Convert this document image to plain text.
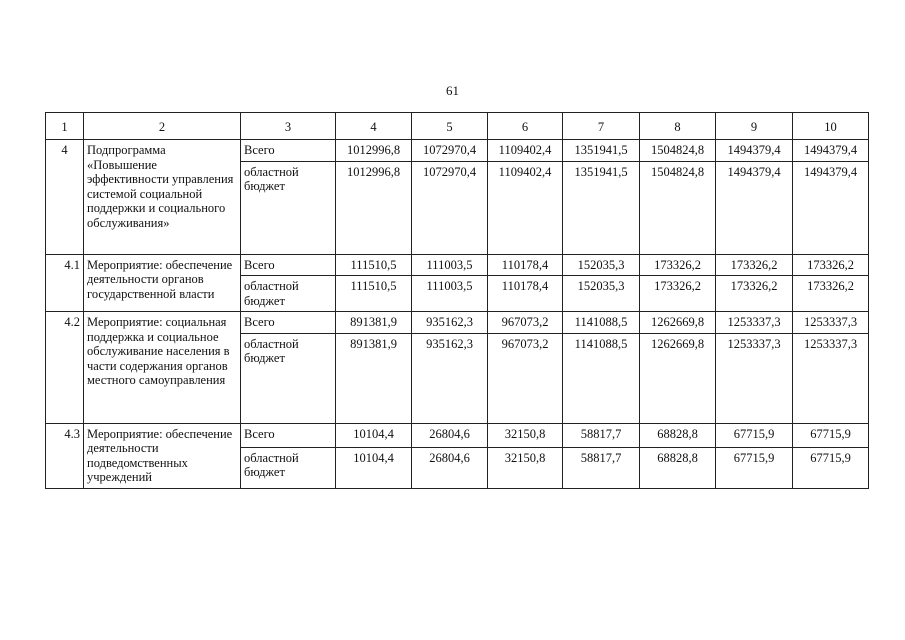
61
1	2	3	4	5	6	7	8	9	10
4	Подпрограмма «Повышение эффективности управления системой социальной поддержки и социального обслуживания»	Всего	1012996,8	1072970,4	1109402,4	1351941,5	1504824,8	1494379,4	1494379,4
		областной бюджет	1012996,8	1072970,4	1109402,4	1351941,5	1504824,8	1494379,4	1494379,4
4.1	Мероприятие: обеспечение деятельности органов государственной власти	Всего	111510,5	111003,5	110178,4	152035,3	173326,2	173326,2	173326,2
		областной бюджет	111510,5	111003,5	110178,4	152035,3	173326,2	173326,2	173326,2
4.2	Мероприятие: социальная поддержка и социальное обслуживание населения в части содержания органов местного самоуправления	Всего	891381,9	935162,3	967073,2	1141088,5	1262669,8	1253337,3	1253337,3
		областной бюджет	891381,9	935162,3	967073,2	1141088,5	1262669,8	1253337,3	1253337,3
4.3	Мероприятие: обеспечение деятельности подведомственных учреждений	Всего	10104,4	26804,6	32150,8	58817,7	68828,8	67715,9	67715,9
		областной бюджет	10104,4	26804,6	32150,8	58817,7	68828,8	67715,9	67715,9
